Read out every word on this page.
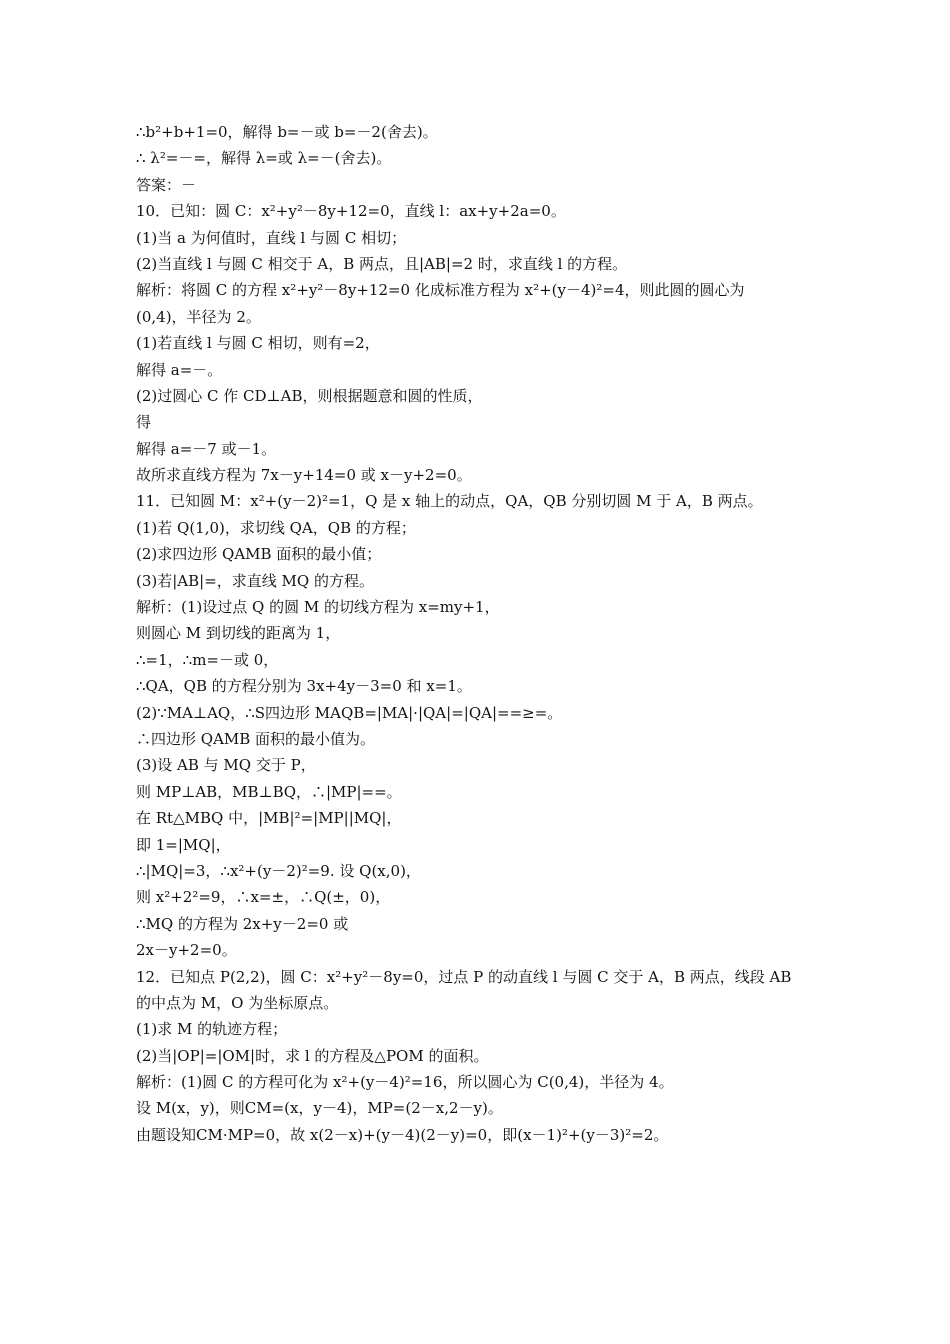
∴b²+b+1=0，解得 b=－或 b=－2(舍去)。
∴ λ²=－=，解得 λ=或 λ=－(舍去)。
答案：－
10．已知：圆 C：x²+y²－8y+12=0，直线 l：ax+y+2a=0。
(1)当 a 为何值时，直线 l 与圆 C 相切；
(2)当直线 l 与圆 C 相交于 A，B 两点，且|AB|=2 时，求直线 l 的方程。
解析：将圆 C 的方程 x²+y²－8y+12=0 化成标准方程为 x²+(y－4)²=4，则此圆的圆心为
(0,4)，半径为 2。
(1)若直线 l 与圆 C 相切，则有=2，
解得 a=－。
(2)过圆心 C 作 CD⊥AB，则根据题意和圆的性质，
得
解得 a=－7 或－1。
故所求直线方程为 7x－y+14=0 或 x－y+2=0。
11．已知圆 M：x²+(y－2)²=1，Q 是 x 轴上的动点，QA，QB 分别切圆 M 于 A，B 两点。
(1)若 Q(1,0)，求切线 QA，QB 的方程；
(2)求四边形 QAMB 面积的最小值；
(3)若|AB|=，求直线 MQ 的方程。
解析：(1)设过点 Q 的圆 M 的切线方程为 x=my+1，
则圆心 M 到切线的距离为 1，
∴=1，∴m=－或 0，
∴QA，QB 的方程分别为 3x+4y－3=0 和 x=1。
(2)∵MA⊥AQ，∴S四边形 MAQB=|MA|·|QA|=|QA|==≥=。
∴四边形 QAMB 面积的最小值为。
(3)设 AB 与 MQ 交于 P，
则 MP⊥AB，MB⊥BQ，∴|MP|==。
在 Rt△MBQ 中，|MB|²=|MP||MQ|，
即 1=|MQ|，
∴|MQ|=3，∴x²+(y－2)²=9. 设 Q(x,0)，
则 x²+2²=9，∴x=±，∴Q(±，0)，
∴MQ 的方程为 2x+y－2=0 或
2x－y+2=0。
12．已知点 P(2,2)，圆 C：x²+y²－8y=0，过点 P 的动直线 l 与圆 C 交于 A，B 两点，线段 AB
的中点为 M，O 为坐标原点。
(1)求 M 的轨迹方程；
(2)当|OP|=|OM|时，求 l 的方程及△POM 的面积。
解析：(1)圆 C 的方程可化为 x²+(y－4)²=16，所以圆心为 C(0,4)，半径为 4。
设 M(x，y)，则CM=(x，y－4)，MP=(2－x,2－y)。
由题设知CM·MP=0，故 x(2－x)+(y－4)(2－y)=0，即(x－1)²+(y－3)²=2。
